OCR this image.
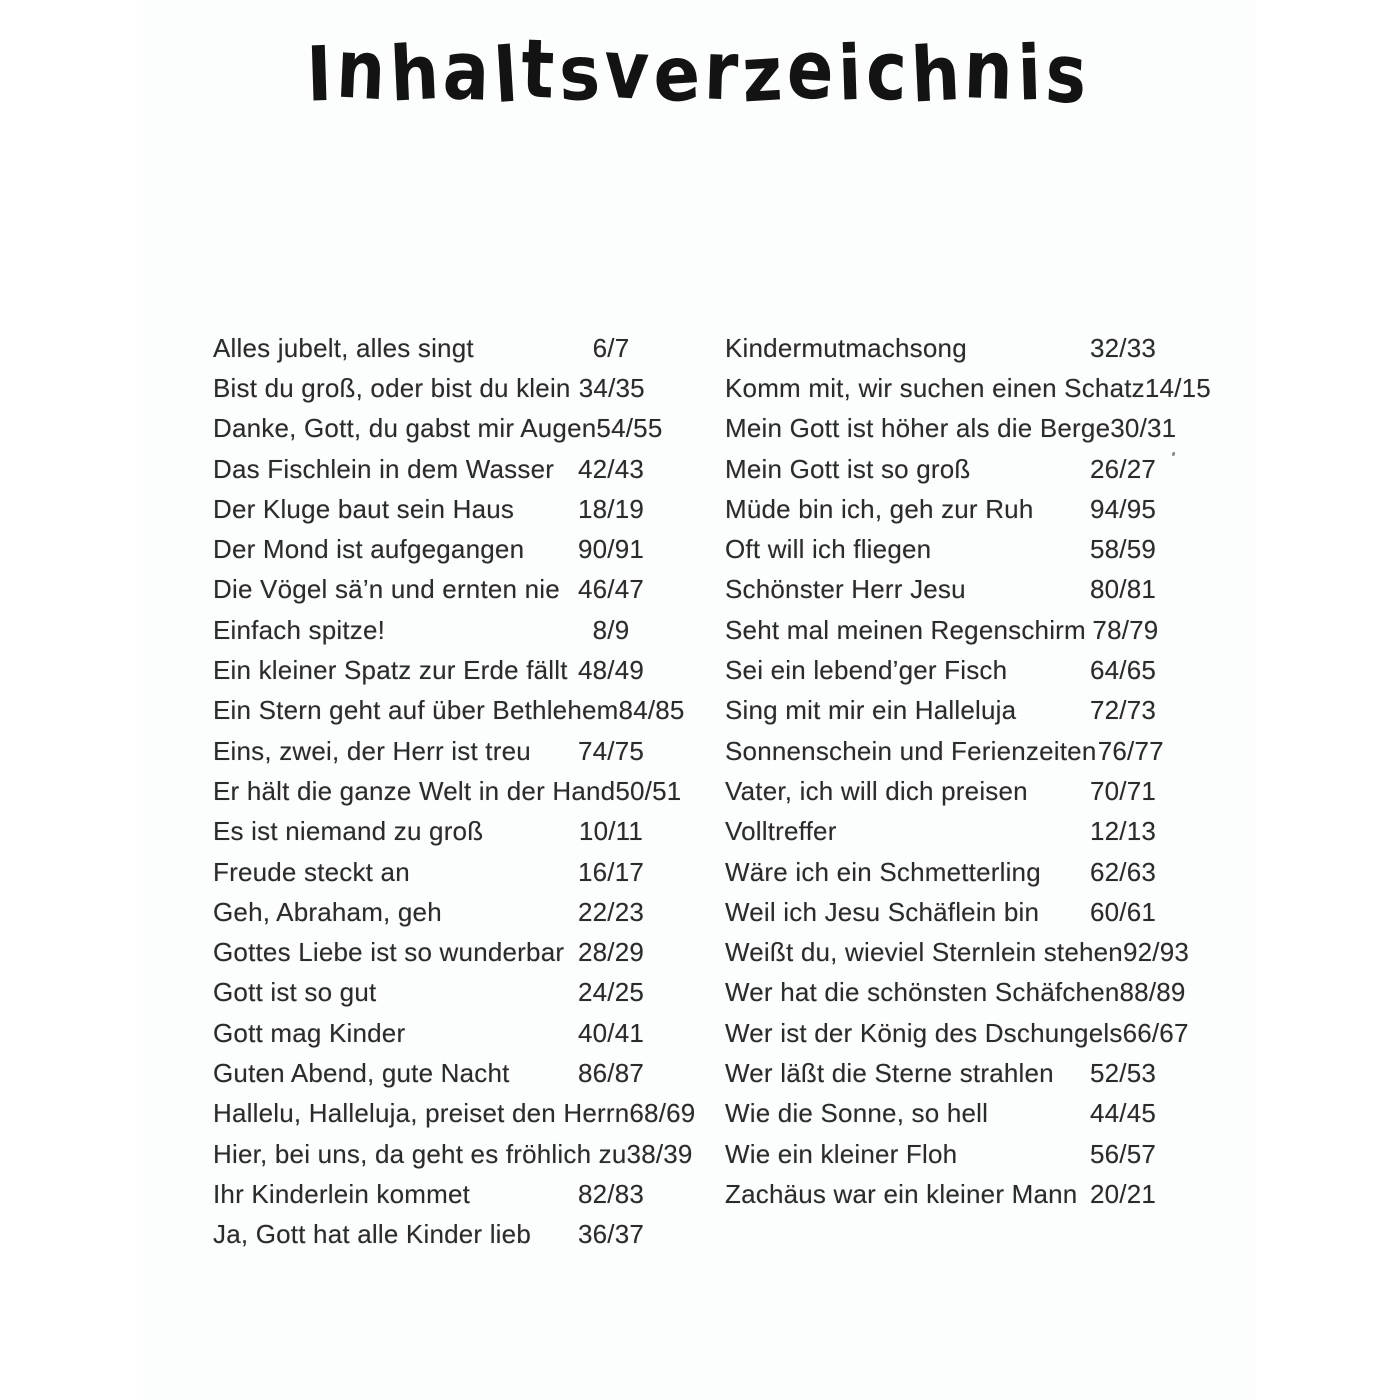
Inhaltsverzeichnis
Alles jubelt, alles singt	6/7
Bist du groß, oder bist du klein 34/35
Danke, Gott, du gabst mir Augen 54/55
Das Fischlein in dem Wasser 42/43
Der Kluge baut sein Haus	18/19
Der Mond ist aufgegangen	90/91
Die Vögel sä’n und ernten nie 46/47
Einfach spitze!	8/9
Ein kleiner Spatz zur Erde fällt 48/49
Ein Stern geht auf über Bethlehem 84/85
Eins, zwei, der Herr ist treu	74/75
Er hält die ganze Welt in der Hand 50/51
Es ist niemand zu groß	10/11
Freude steckt an	16/17
Geh, Abraham, geh	22/23
Gottes Liebe ist so wunderbar 28/29
Gott ist so gut	24/25
Gott mag Kinder	40/41
Guten Abend, gute Nacht	86/87
Hallelu, Halleluja, preiset den Herrn 68/69
Hier, bei uns, da geht es fröhlich zu 38/39
Ihr Kinderlein kommet	82/83
Ja, Gott hat alle Kinder lieb	36/37
Kindermutmachsong	32/33
Komm mit, wir suchen einen Schatz 14/15
Mein Gott ist höher als die Berge 30/31
Mein Gott ist so groß	26/27
Müde bin ich, geh zur Ruh	94/95
Oft will ich fliegen	58/59
Schönster Herr Jesu	80/81
Seht mal meinen Regenschirm 78/79
Sei ein lebend’ger Fisch	64/65
Sing mit mir ein Halleluja	72/73
Sonnenschein und Ferienzeiten 76/77
Vater, ich will dich preisen	70/71
Volltreffer	12/13
Wäre ich ein Schmetterling	62/63
Weil ich Jesu Schäflein bin	60/61
Weißt du, wieviel Sternlein stehen 92/93
Wer hat die schönsten Schäfchen 88/89
Wer ist der König des Dschungels 66/67
Wer läßt die Sterne strahlen	52/53
Wie die Sonne, so hell	44/45
Wie ein kleiner Floh	56/57
Zachäus war ein kleiner Mann 20/21
